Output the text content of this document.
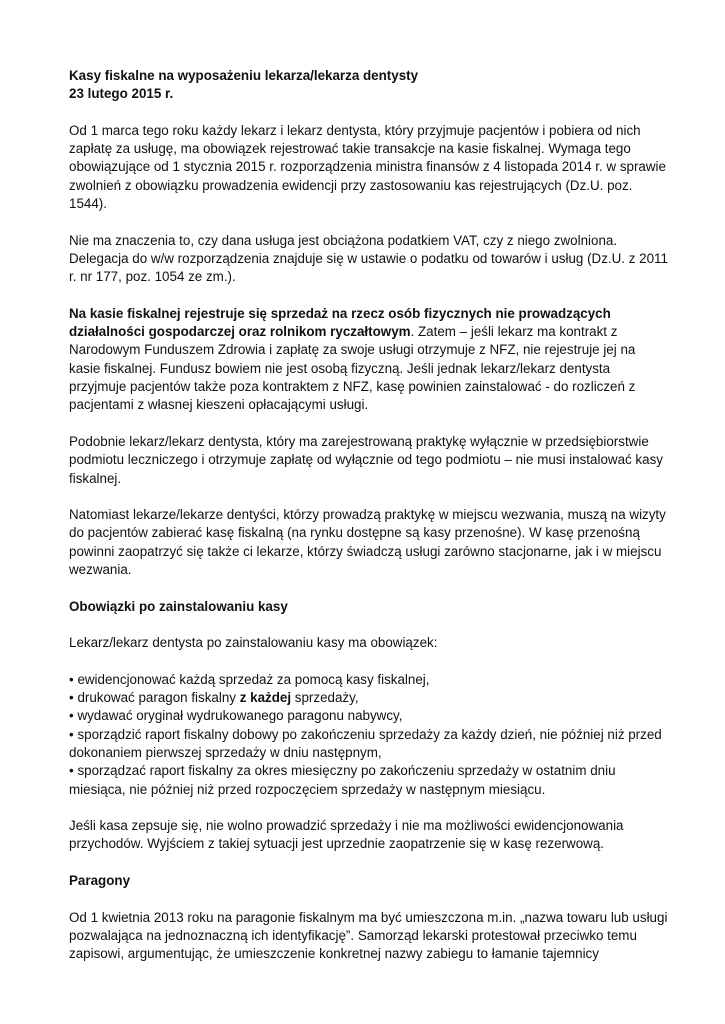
Kasy fiskalne na wyposażeniu lekarza/lekarza dentysty
23 lutego 2015 r.

Od 1 marca tego roku każdy lekarz i lekarz dentysta, który przyjmuje pacjentów i pobiera od nich zapłatę za usługę, ma obowiązek rejestrować takie transakcje na kasie fiskalnej. Wymaga tego obowiązujące od 1 stycznia 2015 r. rozporządzenia ministra finansów z 4 listopada 2014 r. w sprawie zwolnień z obowiązku prowadzenia ewidencji przy zastosowaniu kas rejestrujących (Dz.U. poz. 1544).

Nie ma znaczenia to, czy dana usługa jest obciążona podatkiem VAT, czy z niego zwolniona. Delegacja do w/w rozporządzenia znajduje się w ustawie o podatku od towarów i usług (Dz.U. z 2011 r. nr 177, poz. 1054 ze zm.).

Na kasie fiskalnej rejestruje się sprzedaż na rzecz osób fizycznych nie prowadzących działalności gospodarczej oraz rolnikom ryczałtowym. Zatem – jeśli lekarz ma kontrakt z Narodowym Funduszem Zdrowia i zapłatę za swoje usługi otrzymuje z NFZ, nie rejestruje jej na kasie fiskalnej. Fundusz bowiem nie jest osobą fizyczną. Jeśli jednak lekarz/lekarz dentysta przyjmuje pacjentów także poza kontraktem z NFZ, kasę powinien zainstalować - do rozliczeń z pacjentami z własnej kieszeni opłacającymi usługi.

Podobnie lekarz/lekarz dentysta, który ma zarejestrowaną praktykę wyłącznie w przedsiębiorstwie podmiotu leczniczego i otrzymuje zapłatę od wyłącznie od tego podmiotu – nie musi instalować kasy fiskalnej.

Natomiast lekarze/lekarze dentyści, którzy prowadzą praktykę w miejscu wezwania, muszą na wizyty do pacjentów zabierać kasę fiskalną (na rynku dostępne są kasy przenośne). W kasę przenośną powinni zaopatrzyć się także ci lekarze, którzy świadczą usługi zarówno stacjonarne, jak i w miejscu wezwania.

Obowiązki po zainstalowaniu kasy

Lekarz/lekarz dentysta po zainstalowaniu kasy ma obowiązek:

• ewidencjonować każdą sprzedaż za pomocą kasy fiskalnej,
• drukować paragon fiskalny z każdej sprzedaży,
• wydawać oryginał wydrukowanego paragonu nabywcy,
• sporządzić raport fiskalny dobowy po zakończeniu sprzedaży za każdy dzień, nie później niż przed dokonaniem pierwszej sprzedaży w dniu następnym,
• sporządzać raport fiskalny za okres miesięczny po zakończeniu sprzedaży w ostatnim dniu miesiąca, nie później niż przed rozpoczęciem sprzedaży w następnym miesiącu.

Jeśli kasa zepsuje się, nie wolno prowadzić sprzedaży i nie ma możliwości ewidencjonowania przychodów. Wyjściem z takiej sytuacji jest uprzednie zaopatrzenie się w kasę rezerwową.

Paragony

Od 1 kwietnia 2013 roku na paragonie fiskalnym ma być umieszczona m.in. „nazwa towaru lub usługi pozwalająca na jednoznaczną ich identyfikację”. Samorząd lekarski protestował przeciwko temu zapisowi, argumentując, że umieszczenie konkretnej nazwy zabiegu to łamanie tajemnicy
